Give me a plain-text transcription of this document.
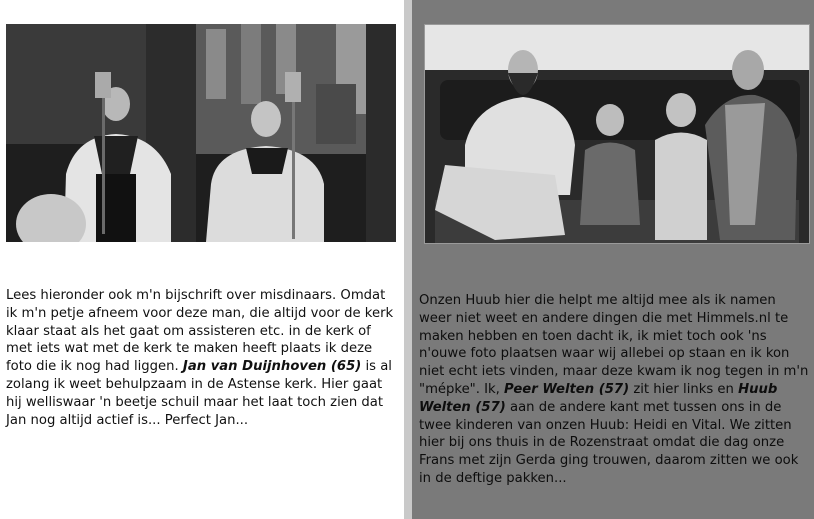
Lees hieronder ook m'n bijschrift over misdinaars. Omdat ik m'n petje afneem voor deze man, die altijd voor de kerk klaar staat als het gaat om assisteren etc. in de kerk of met iets wat met de kerk te maken heeft plaats ik deze foto die ik nog had liggen. Jan van Duijnhoven (65) is al zolang ik weet behulpzaam in de Astense kerk. Hier gaat hij welliswaar 'n beetje schuil maar het laat toch zien dat Jan nog altijd actief is... Perfect Jan...
Onzen Huub hier die helpt me altijd mee als ik namen weer niet weet en andere dingen die met Himmels.nl te maken hebben en toen dacht ik, ik miet toch ook 'ns n'ouwe foto plaatsen waar wij allebei op staan en ik kon niet echt iets vinden, maar deze kwam ik nog tegen in m'n "mépke". Ik, Peer Welten (57) zit hier links en Huub Welten (57) aan de andere kant met tussen ons in de twee kinderen van onzen Huub: Heidi en Vital. We zitten hier bij ons thuis in de Rozenstraat omdat die dag onze Frans met zijn Gerda ging trouwen, daarom zitten we ook in de deftige pakken...
